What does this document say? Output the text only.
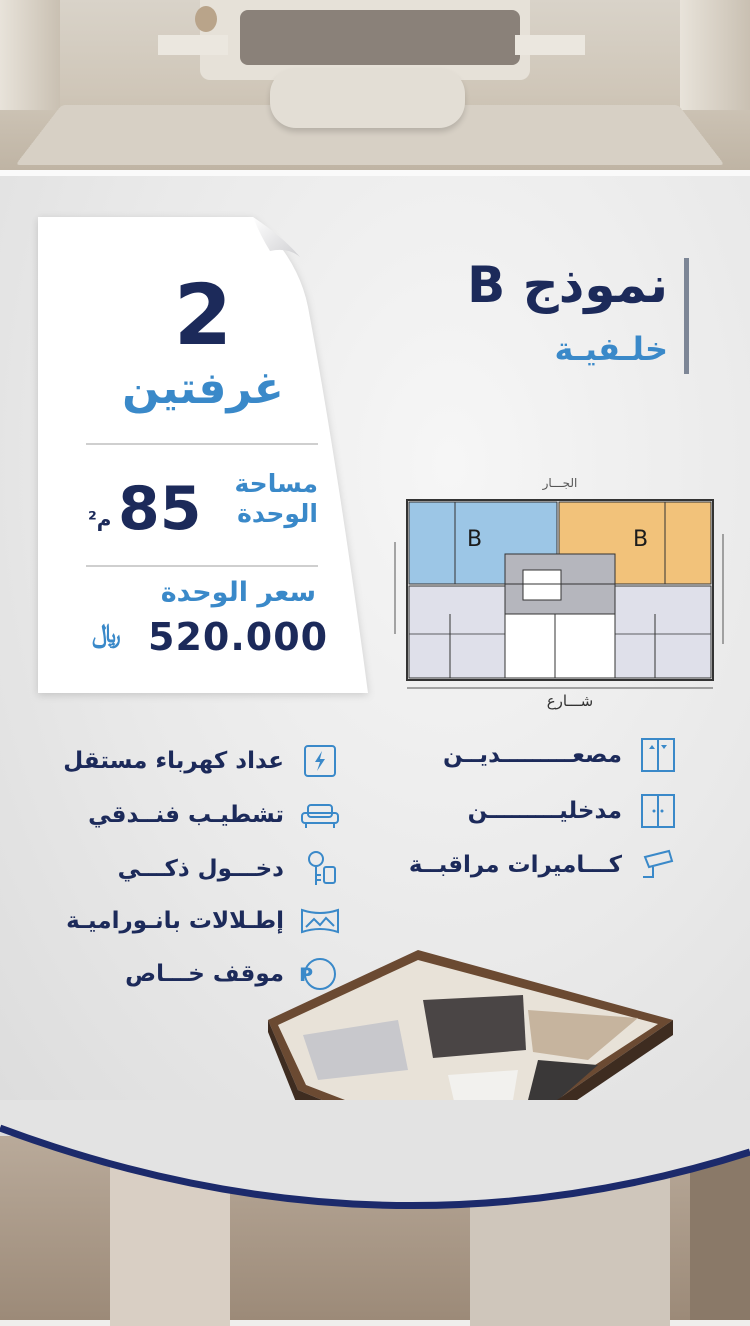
2
غرفتين
مساحة
الوحدة
85
م²
سعر الوحدة
520.000
﷼
نموذج B
خلـفيـة
الجـــار
B	B
شـــارع
مصعـــــــــديــن
مدخليـــــــــن
كـــاميرات مراقبــة
عداد كهرباء مستقل
تشطيـب فنــدقي
دخـــول ذكـــي
إطـلالات بانـوراميـة
P
موقف خـــاص
